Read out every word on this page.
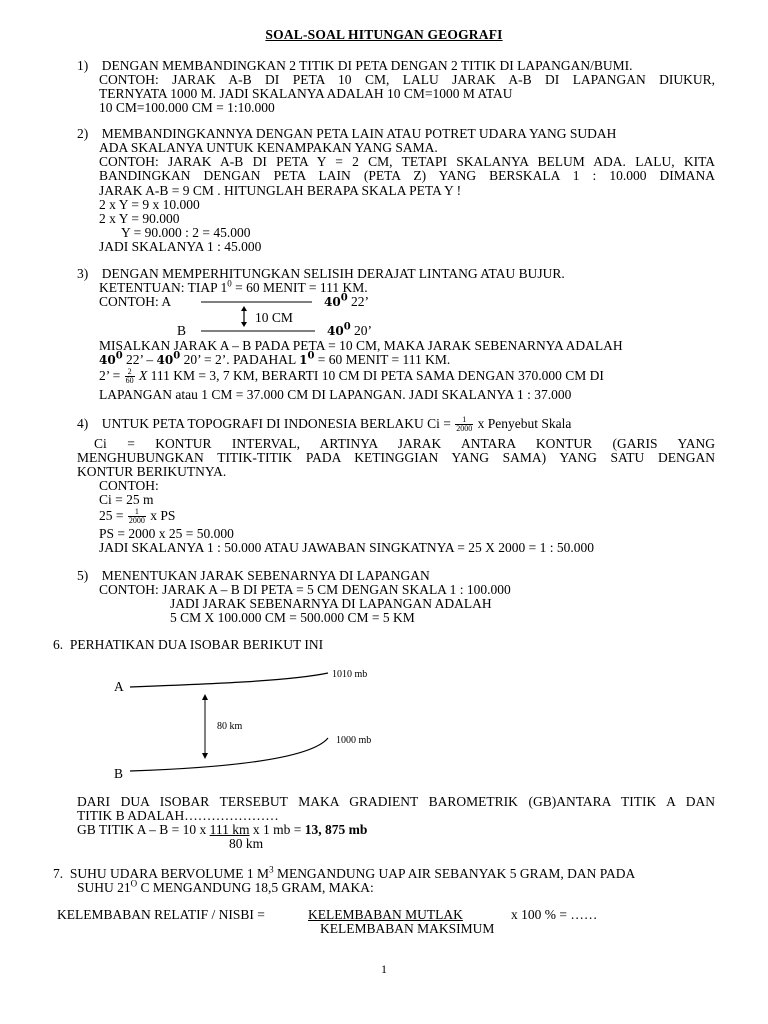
SOAL-SOAL HITUNGAN GEOGRAFI
1)    DENGAN MEMBANDINGKAN 2 TITIK DI PETA DENGAN 2 TITIK DI LAPANGAN/BUMI.
CONTOH: JARAK A-B DI PETA 10 CM, LALU JARAK A-B DI LAPANGAN DIUKUR,
TERNYATA 1000 M. JADI SKALANYA ADALAH 10 CM=1000 M ATAU
10 CM=100.000 CM = 1:10.000
2)    MEMBANDINGKANNYA DENGAN PETA LAIN ATAU POTRET UDARA YANG SUDAH
ADA SKALANYA UNTUK KENAMPAKAN YANG SAMA.
CONTOH: JARAK A-B DI PETA Y = 2 CM, TETAPI SKALANYA BELUM ADA. LALU, KITA
BANDINGKAN DENGAN PETA LAIN (PETA Z) YANG BERSKALA 1 : 10.000 DIMANA
JARAK A-B = 9 CM . HITUNGLAH BERAPA SKALA PETA Y !
2 x Y = 9 x 10.000
2 x Y = 90.000
Y = 90.000 : 2 = 45.000
JADI SKALANYA 1 : 45.000
3)    DENGAN MEMPERHITUNGKAN SELISIH DERAJAT LINTANG ATAU BUJUR.
KETENTUAN: TIAP $1^0 = 60$ MENIT = 111 KM.
CONTOH: A	$40^0$ 22’
10 CM
B	$40^0$ 20’
MISALKAN JARAK A – B PADA PETA = 10 CM, MAKA JARAK SEBENARNYA ADALAH
$40^0$ 22’ – $40^0$ 20’ = 2’. PADAHAL $1^0 = 60$ MENIT = 111 KM.
2’ = $\frac{2}{60}$ X 111 KM = 3, 7 KM, BERARTI 10 CM DI PETA SAMA DENGAN 370.000 CM DI
LAPANGAN atau 1 CM = 37.000 CM DI LAPANGAN. JADI SKALANYA 1 : 37.000
4)    UNTUK PETA TOPOGRAFI DI INDONESIA BERLAKU $Ci = \frac{1}{2000}$ x Penyebut Skala
Ci = KONTUR INTERVAL, ARTINYA JARAK ANTARA KONTUR (GARIS YANG
MENGHUBUNGKAN TITIK-TITIK PADA KETINGGIAN YANG SAMA) YANG SATU DENGAN
KONTUR BERIKUTNYA.
CONTOH:
Ci = 25 m
$25 = \frac{1}{2000}$ x PS
PS = 2000 x 25 = 50.000
JADI SKALANYA 1 : 50.000 ATAU JAWABAN SINGKATNYA = 25 X 2000 = 1 : 50.000
5)    MENENTUKAN JARAK SEBENARNYA DI LAPANGAN
CONTOH: JARAK A – B DI PETA = 5 CM DENGAN SKALA 1 : 100.000
JADI JARAK SEBENARNYA DI LAPANGAN ADALAH
5 CM X 100.000 CM = 500.000 CM = 5 KM
6.  PERHATIKAN DUA ISOBAR BERIKUT INI
A
B
1010 mb
1000 mb
80 km
DARI DUA ISOBAR TERSEBUT MAKA GRADIENT BAROMETRIK (GB)ANTARA TITIK A DAN
TITIK B ADALAH…………………
GB TITIK A – B = 10 x 111 km x 1 mb = 13, 875 mb
80 km
7.  SUHU UDARA BERVOLUME 1 $M^3$ MENGANDUNG UAP AIR SEBANYAK 5 GRAM, DAN PADA
SUHU $21^O$ C MENGANDUNG 18,5 GRAM, MAKA:
KELEMBABAN RELATIF / NISBI =	KELEMBABAN MUTLAK	x 100 % = ……
KELEMBABAN MAKSIMUM
1
